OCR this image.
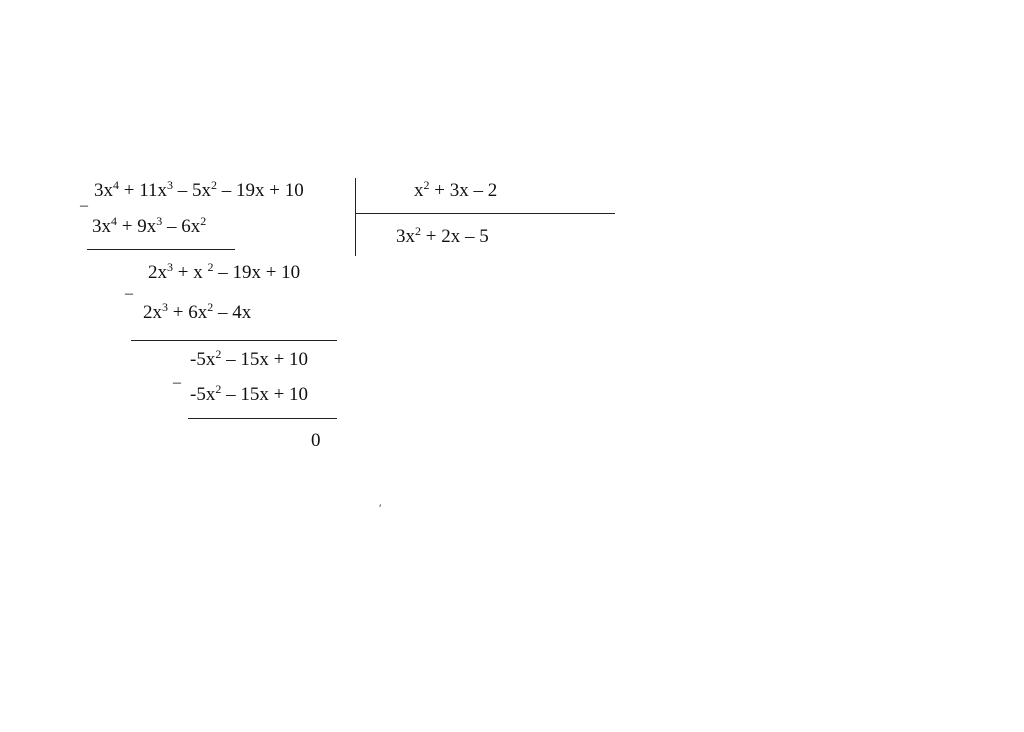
–
–
–
$3x^4 + 11x^3 - 5x^2 - 19x + 10$	$x^2 + 3x - 2$
$3x^2 + 2x - 5$
$3x^4 + 9x^3 - 6x^2$
$2x^3 + x$ $^2$ – 19x + 10
$2x^3 + 6x^2 - 4x$
$-5x^2 - 15x + 10$
$-5x^2 - 15x + 10$
0
′
